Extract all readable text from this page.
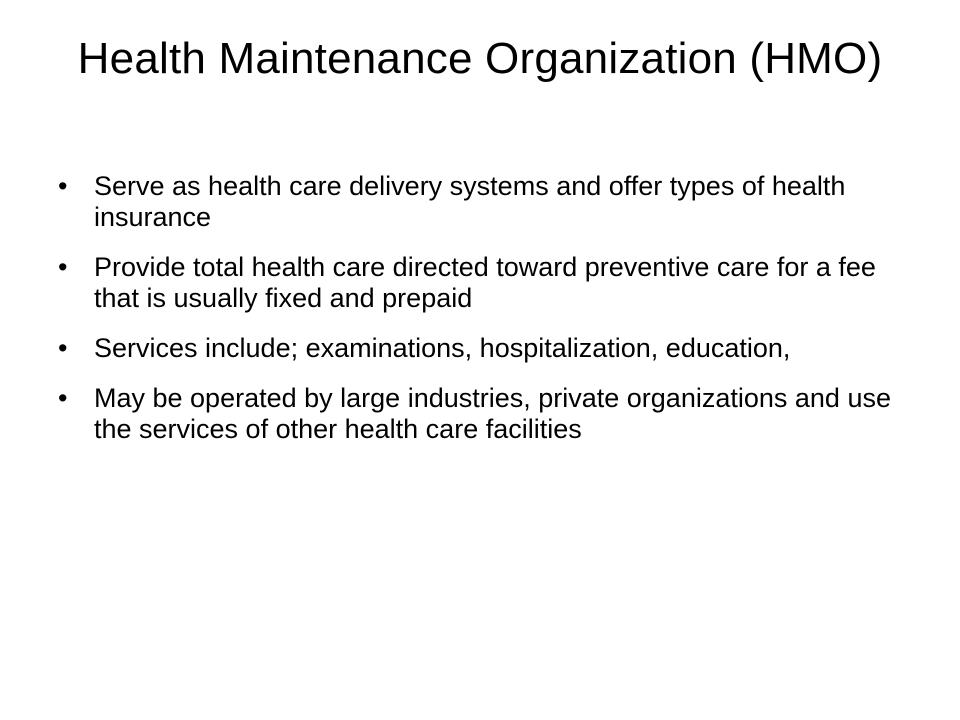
Health Maintenance Organization (HMO)
• Serve as health care delivery systems and offer types of health insurance
• Provide total health care directed toward preventive care for a fee that is usually fixed and prepaid
• Services include; examinations, hospitalization, education,
• May be operated by large industries, private organizations and use the services of other health care facilities
